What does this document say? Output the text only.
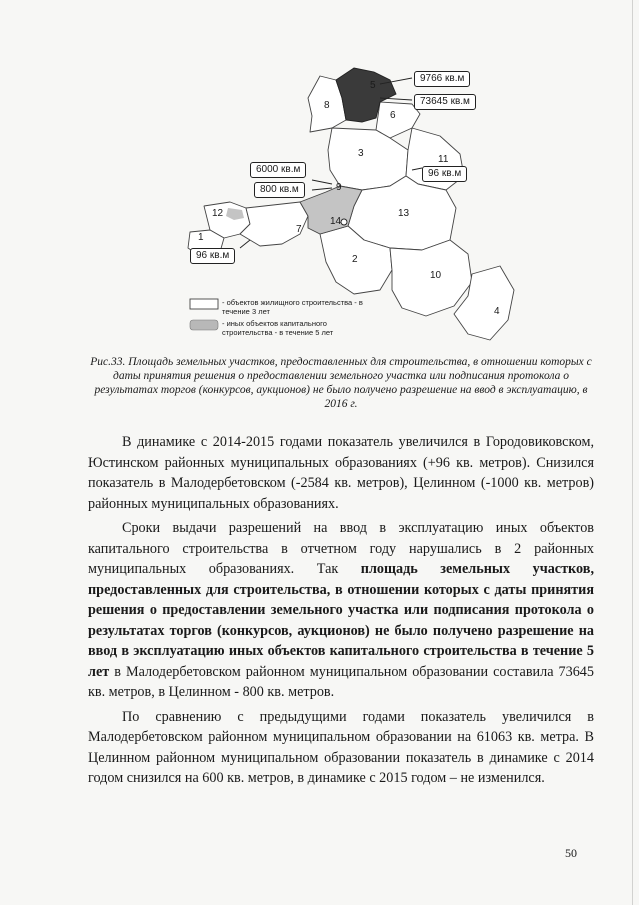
9766 кв.м
73645 кв.м
6000 кв.м
800 кв.м
96 кв.м
96 кв.м
5
6
8
3
11
9
12
7
14
13
1
2
10
4
- объектов жилищного строительства - в течение 3 лет
- иных объектов капитального строительства - в течение 5 лет
Рис.33. Площадь земельных участков, предоставленных для строительства, в отношении которых с даты принятия решения о предоставлении земельного участка или подписания протокола о результатах торгов (конкурсов, аукционов) не было получено разрешение на ввод в эксплуатацию, в 2016 г.

В динамике с 2014-2015 годами показатель увеличился в Городовиковском, Юстинском районных муниципальных образованиях (+96 кв. метров). Снизился показатель в Малодербетовском (-2584 кв. метров), Целинном (-1000 кв. метров) районных муниципальных образованиях.

Сроки выдачи разрешений на ввод в эксплуатацию иных объектов капитального строительства в отчетном году нарушались в 2 районных муниципальных образованиях. Так площадь земельных участков, предоставленных для строительства, в отношении которых с даты принятия решения о предоставлении земельного участка или подписания протокола о результатах торгов (конкурсов, аукционов) не было получено разрешение на ввод в эксплуатацию иных объектов капитального строительства в течение 5 лет в Малодербетовском районном муниципальном образовании составила 73645 кв. метров, в Целинном - 800 кв. метров.

По сравнению с предыдущими годами показатель увеличился в Малодербетовском районном муниципальном образовании на 61063 кв. метра. В Целинном районном муниципальном образовании показатель в динамике с 2014 годом снизился на 600 кв. метров, в динамике с 2015 годом – не изменился.

50
